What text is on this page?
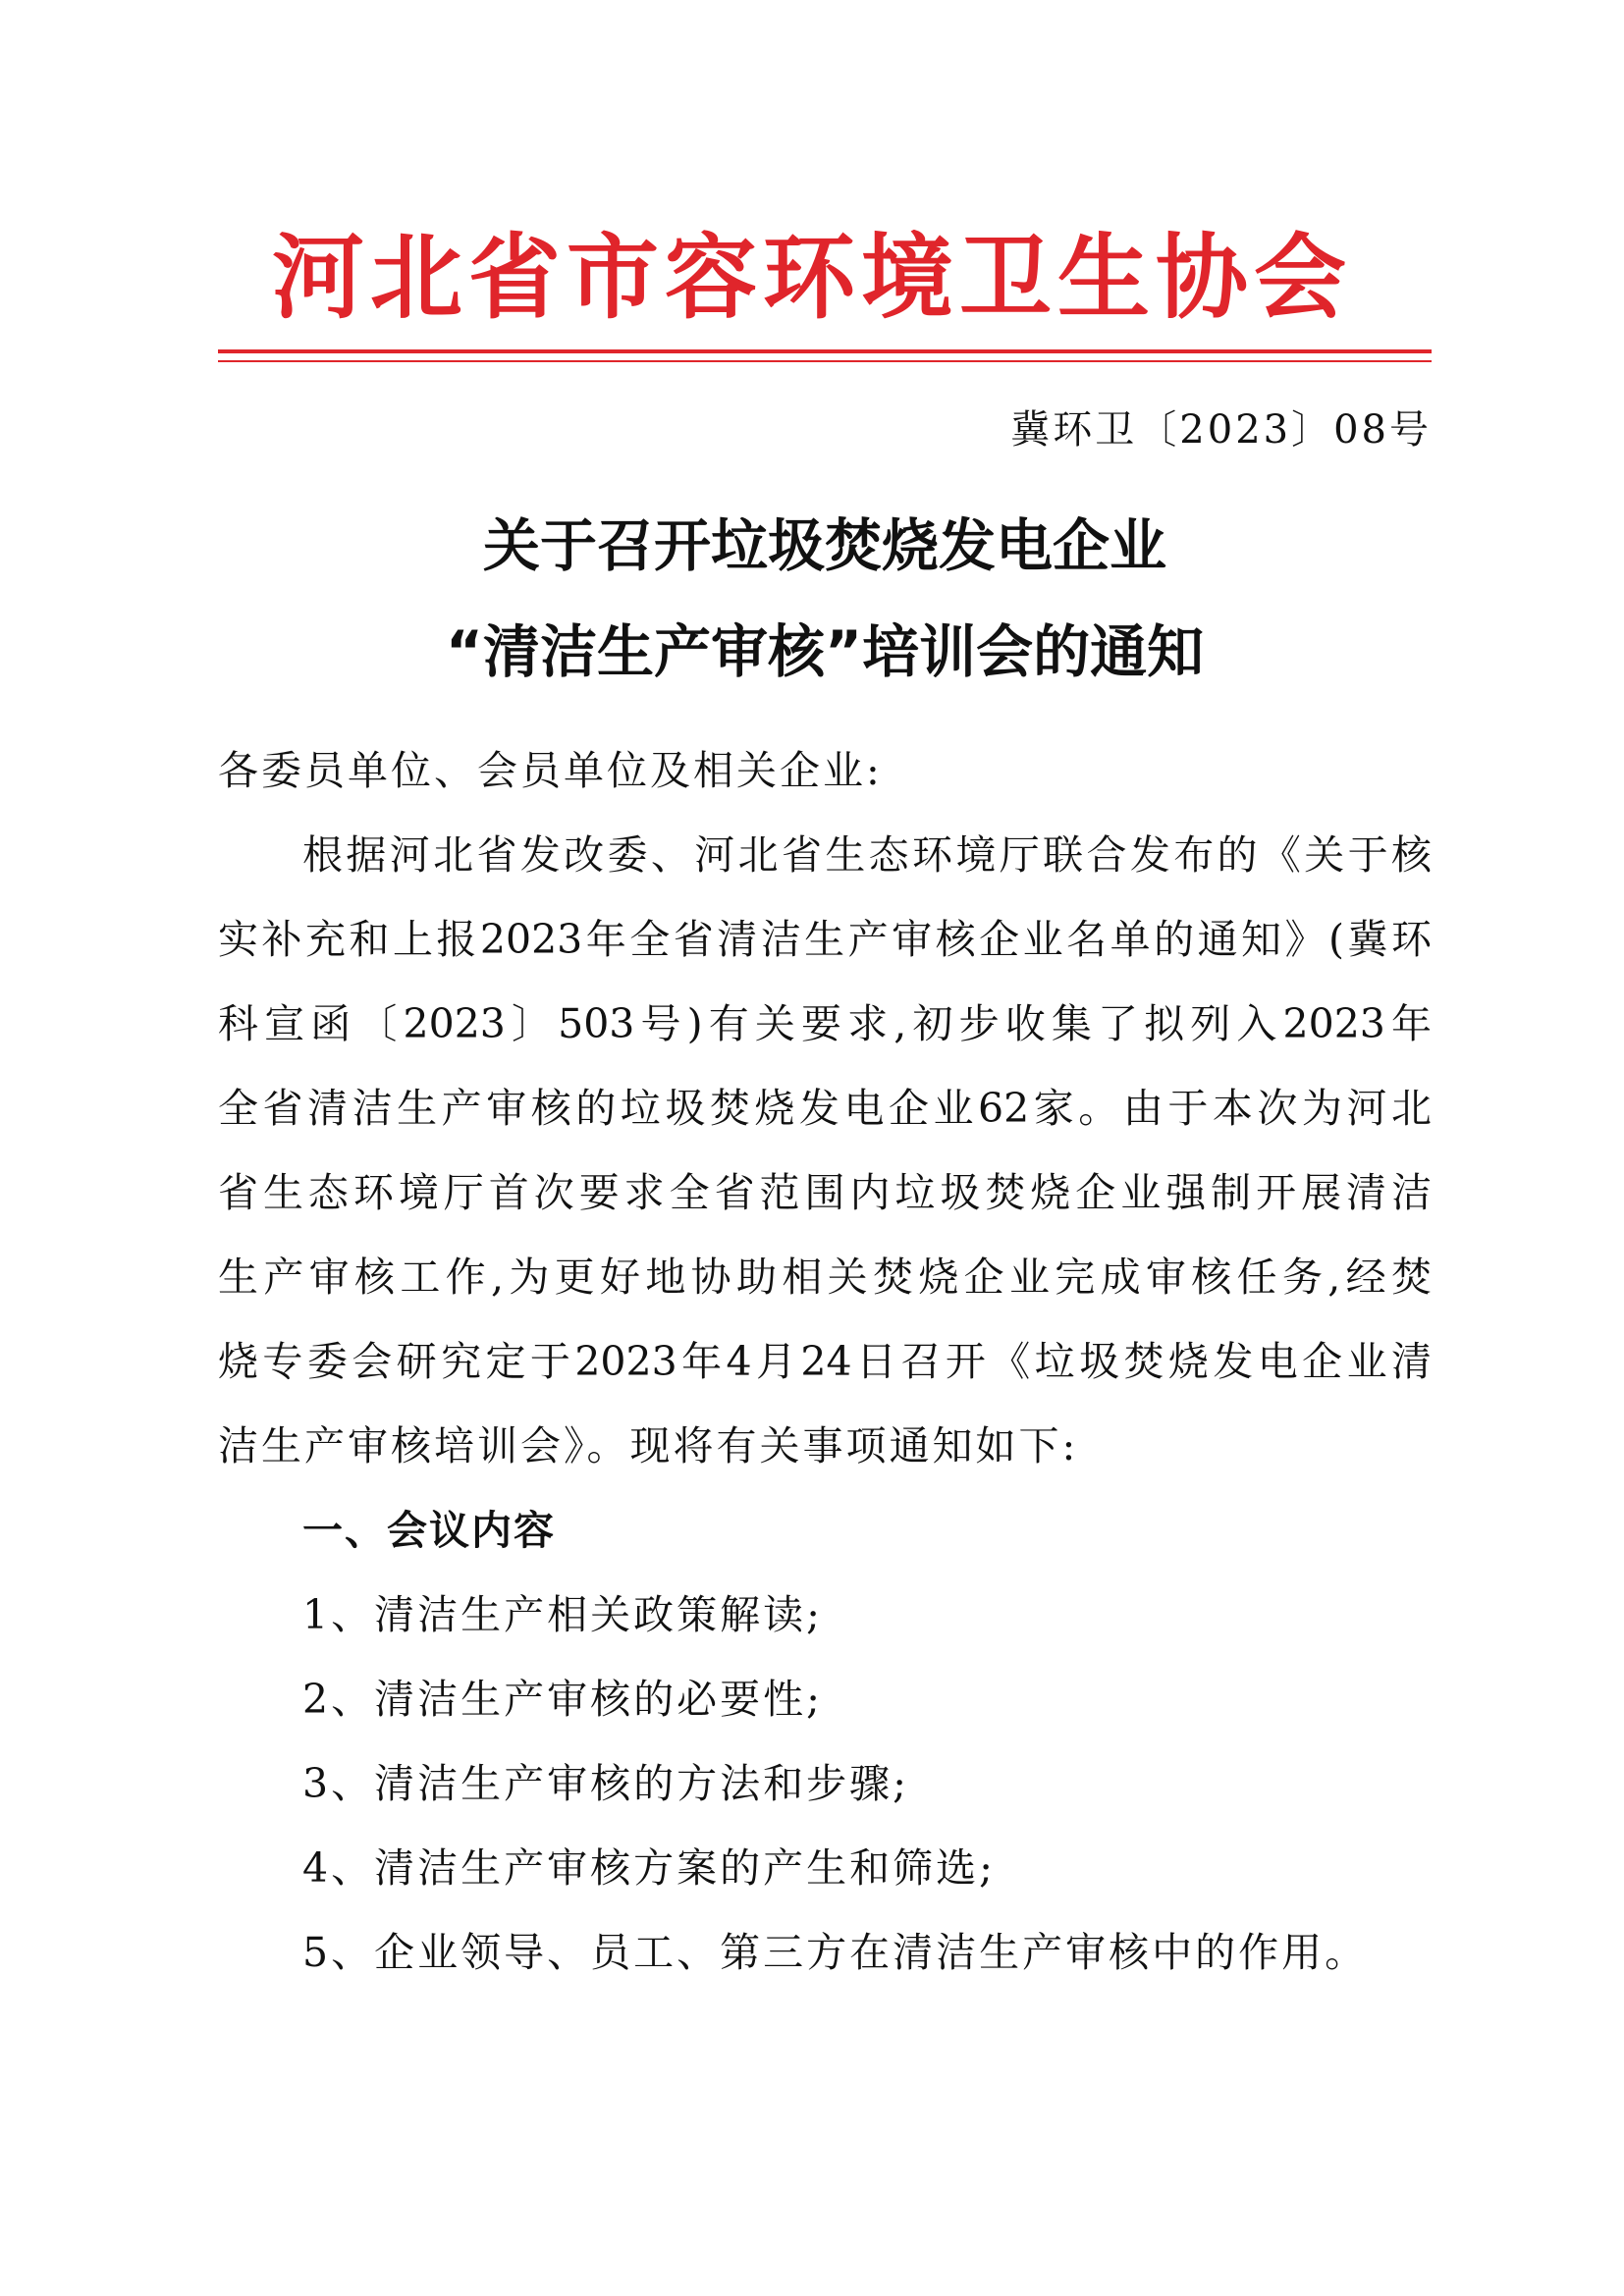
河北省市容环境卫生协会
冀环卫〔2023〕08号
关于召开垃圾焚烧发电企业
“清洁生产审核”培训会的通知
各委员单位、会员单位及相关企业:
根据河北省发改委、河北省生态环境厅联合发布的《关于核
实补充和上报2023年全省清洁生产审核企业名单的通知》(冀环
科宣函〔2023〕503号)有关要求,初步收集了拟列入2023年
全省清洁生产审核的垃圾焚烧发电企业62家。由于本次为河北
省生态环境厅首次要求全省范围内垃圾焚烧企业强制开展清洁
生产审核工作,为更好地协助相关焚烧企业完成审核任务,经焚
烧专委会研究定于2023年4月24日召开《垃圾焚烧发电企业清
洁生产审核培训会》。现将有关事项通知如下:
一、会议内容
1、清洁生产相关政策解读;
2、清洁生产审核的必要性;
3、清洁生产审核的方法和步骤;
4、清洁生产审核方案的产生和筛选;
5、企业领导、员工、第三方在清洁生产审核中的作用。
